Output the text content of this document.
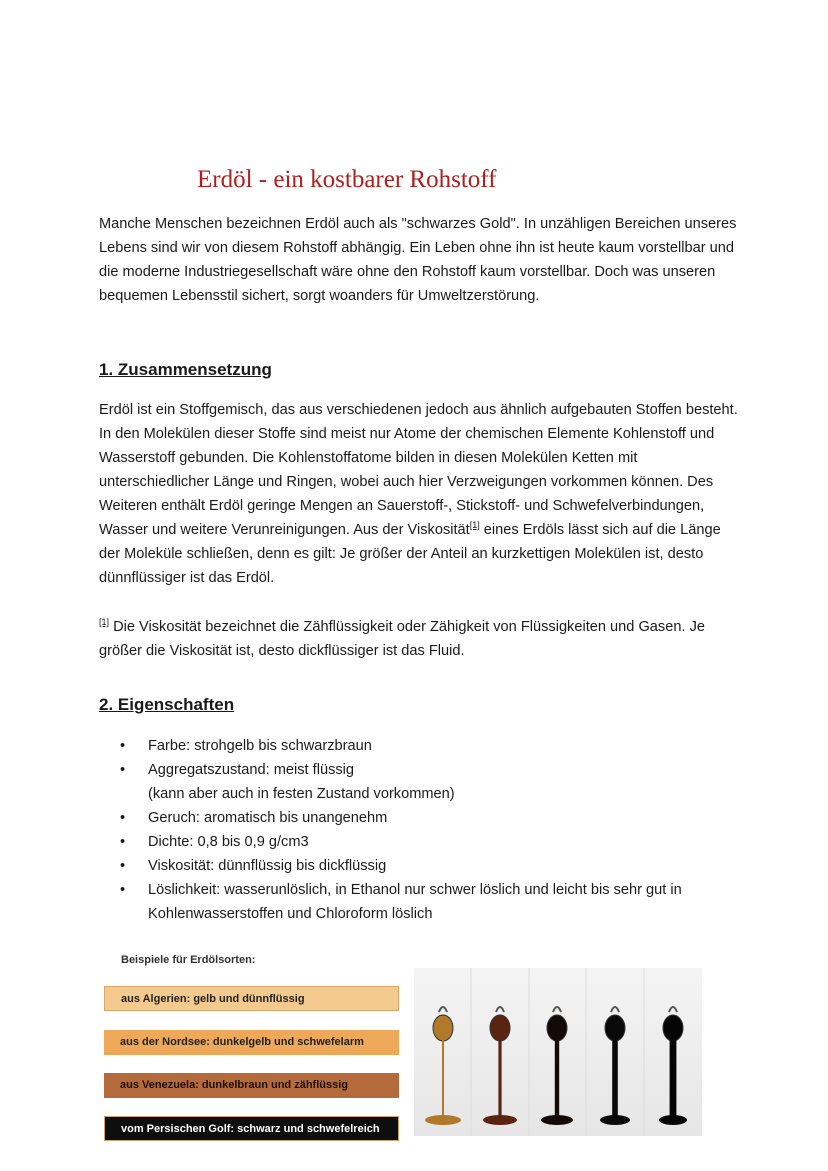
Erdöl - ein kostbarer Rohstoff
Manche Menschen bezeichnen Erdöl auch als "schwarzes Gold". In unzähligen Bereichen unseres Lebens sind wir von diesem Rohstoff abhängig. Ein Leben ohne ihn ist heute kaum vorstellbar und die moderne Industriegesellschaft wäre ohne den Rohstoff kaum vorstellbar. Doch was unseren bequemen Lebensstil sichert, sorgt woanders für Umweltzerstörung.
1. Zusammensetzung
Erdöl ist ein Stoffgemisch, das aus verschiedenen jedoch aus ähnlich aufgebauten Stoffen besteht. In den Molekülen dieser Stoffe sind meist nur Atome der chemischen Elemente Kohlenstoff und Wasserstoff gebunden. Die Kohlenstoffatome bilden in diesen Molekülen Ketten mit unterschiedlicher Länge und Ringen, wobei auch hier Verzweigungen vorkommen können. Des Weiteren enthält Erdöl geringe Mengen an Sauerstoff-, Stickstoff- und Schwefelverbindungen, Wasser und weitere Verunreinigungen. Aus der Viskosität[1] eines Erdöls lässt sich auf die Länge der Moleküle schließen, denn es gilt: Je größer der Anteil an kurzkettigen Molekülen ist, desto dünnflüssiger ist das Erdöl.
[1] Die Viskosität bezeichnet die Zähflüssigkeit oder Zähigkeit von Flüssigkeiten und Gasen. Je größer die Viskosität ist, desto dickflüssiger ist das Fluid.
2. Eigenschaften
• Farbe: strohgelb bis schwarzbraun
• Aggregatszustand: meist flüssig
(kann aber auch in festen Zustand vorkommen)
• Geruch: aromatisch bis unangenehm
• Dichte: 0,8 bis 0,9 g/cm3
• Viskosität: dünnflüssig bis dickflüssig
• Löslichkeit: wasserunlöslich, in Ethanol nur schwer löslich und leicht bis sehr gut in
Kohlenwasserstoffen und Chloroform löslich
Beispiele für Erdölsorten:
aus Algerien: gelb und dünnflüssig
aus der Nordsee: dunkelgelb und schwefelarm
aus Venezuela: dunkelbraun und zähflüssig
vom Persischen Golf: schwarz und schwefelreich
